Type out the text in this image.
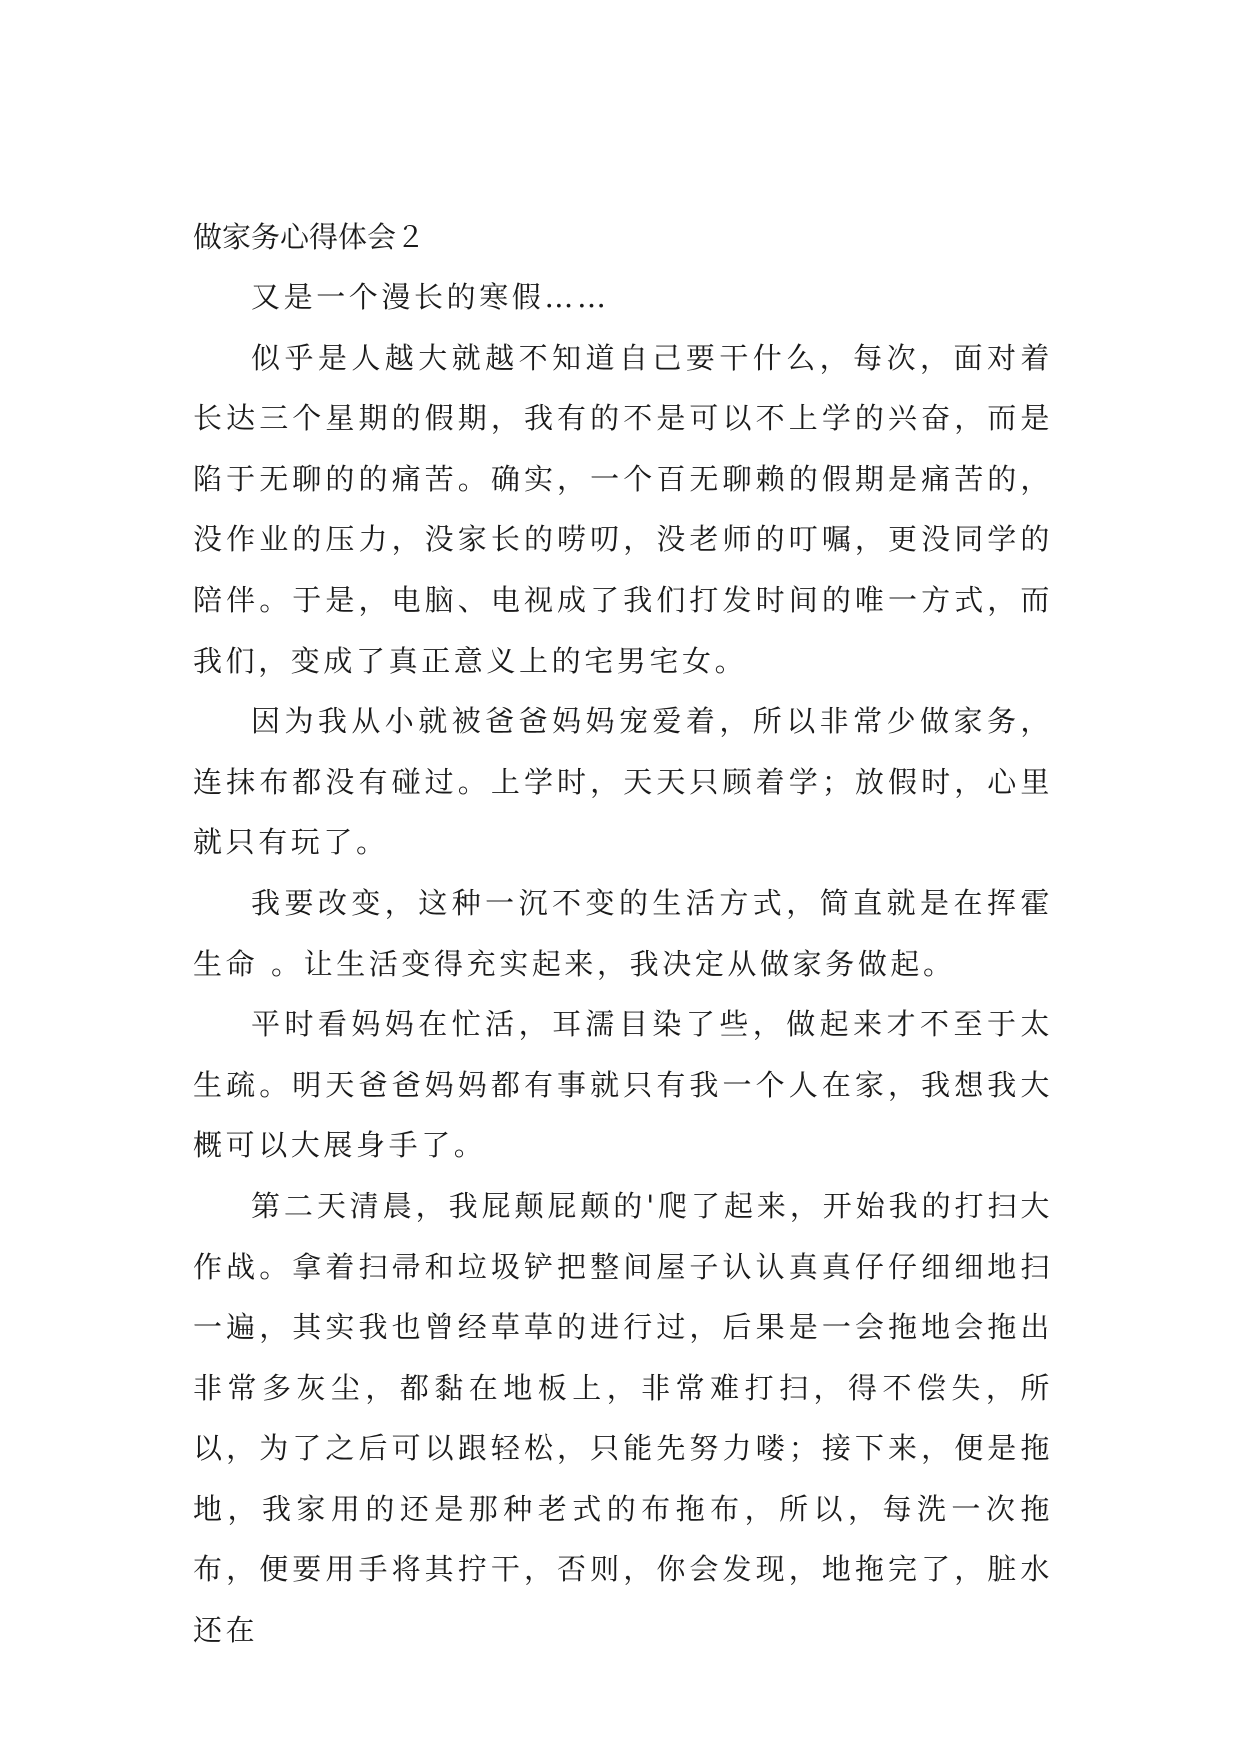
做家务心得体会２

又是一个漫长的寒假……

似乎是人越大就越不知道自己要干什么，每次，面对着长达三个星期的假期，我有的不是可以不上学的兴奋，而是陷于无聊的的痛苦。确实，一个百无聊赖的假期是痛苦的，没作业的压力，没家长的唠叨，没老师的叮嘱，更没同学的陪伴。于是，电脑、电视成了我们打发时间的唯一方式，而我们，变成了真正意义上的宅男宅女。

因为我从小就被爸爸妈妈宠爱着，所以非常少做家务，连抹布都没有碰过。上学时，天天只顾着学；放假时，心里就只有玩了。

我要改变，这种一沉不变的生活方式，简直就是在挥霍生命 。让生活变得充实起来，我决定从做家务做起。

平时看妈妈在忙活，耳濡目染了些，做起来才不至于太生疏。明天爸爸妈妈都有事就只有我一个人在家，我想我大概可以大展身手了。

第二天清晨，我屁颠屁颠的'爬了起来，开始我的打扫大作战。拿着扫帚和垃圾铲把整间屋子认认真真仔仔细细地扫一遍，其实我也曾经草草的进行过，后果是一会拖地会拖出非常多灰尘，都黏在地板上，非常难打扫，得不偿失，所以，为了之后可以跟轻松，只能先努力喽；接下来，便是拖地，我家用的还是那种老式的布拖布，所以，每洗一次拖布，便要用手将其拧干，否则，你会发现，地拖完了，脏水还在
